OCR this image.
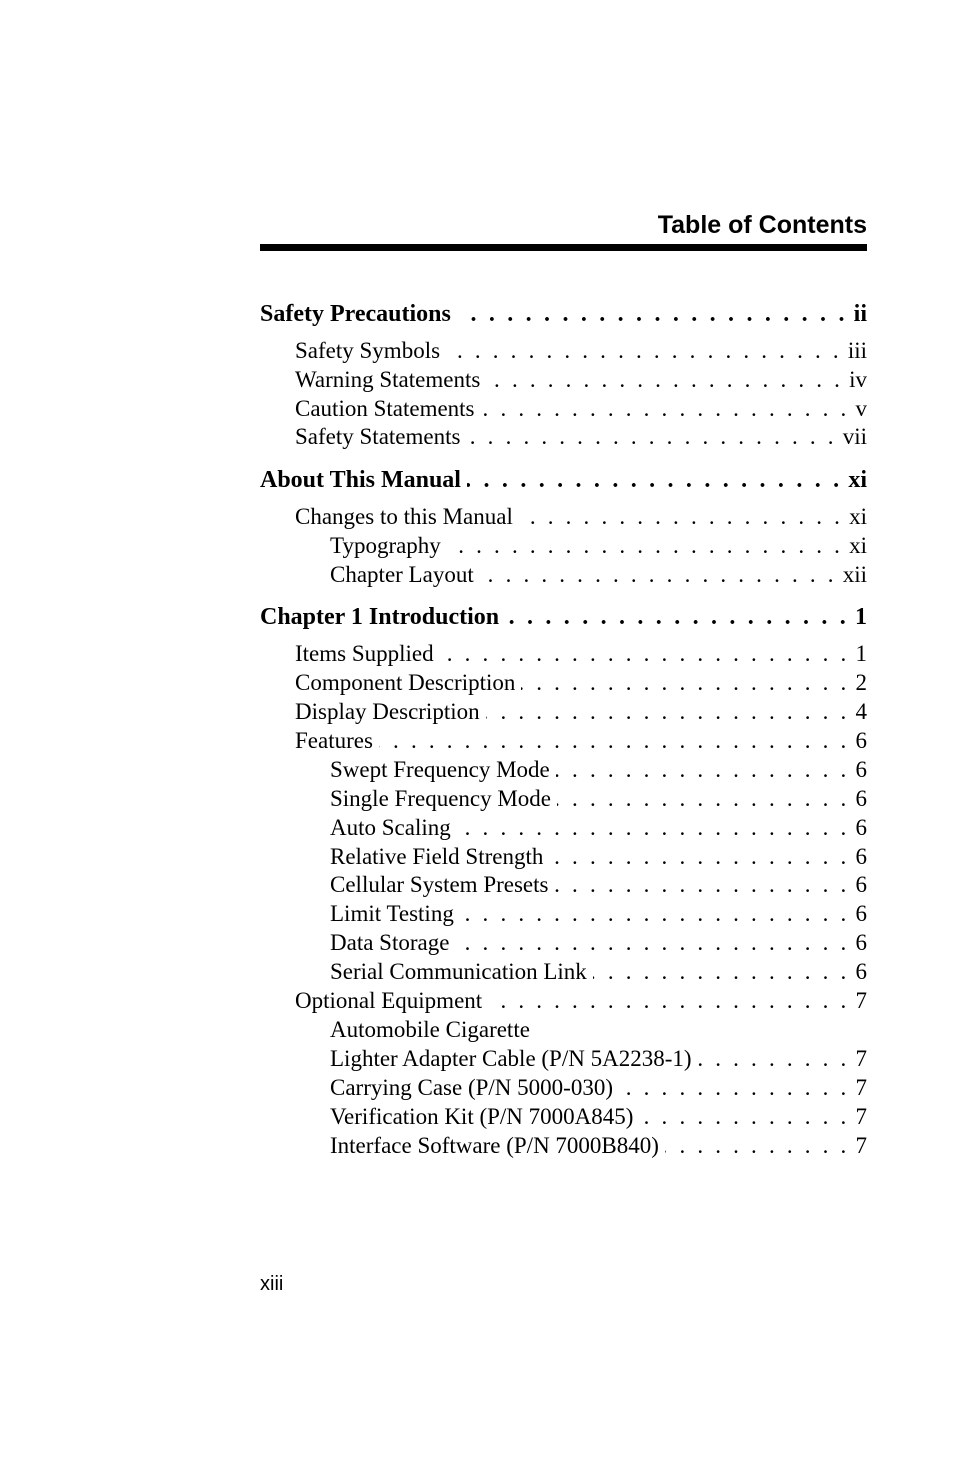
Table of Contents
Safety Precautions . . .	ii
Safety Symbols . . .	iii
Warning Statements . . .	iv
Caution Statements . . .	v
Safety Statements . . .	vii
About This Manual . . .	xi
Changes to this Manual . . .	xi
Typography . . .	xi
Chapter Layout . . .	xii
Chapter 1 Introduction . . .	1
Items Supplied . . .	1
Component Description . . .	2
Display Description . . .	4
Features . . .	6
Swept Frequency Mode . . .	6
Single Frequency Mode . . .	6
Auto Scaling . . .	6
Relative Field Strength . . .	6
Cellular System Presets . . .	6
Limit Testing . . .	6
Data Storage . . .	6
Serial Communication Link . . .	6
Optional Equipment . . .	7
Automobile Cigarette
Lighter Adapter Cable (P/N 5A2238-1) . . .	7
Carrying Case (P/N 5000-030) . . .	7
Verification Kit (P/N 7000A845) . . .	7
Interface Software (P/N 7000B840) . . .	7
xiii
